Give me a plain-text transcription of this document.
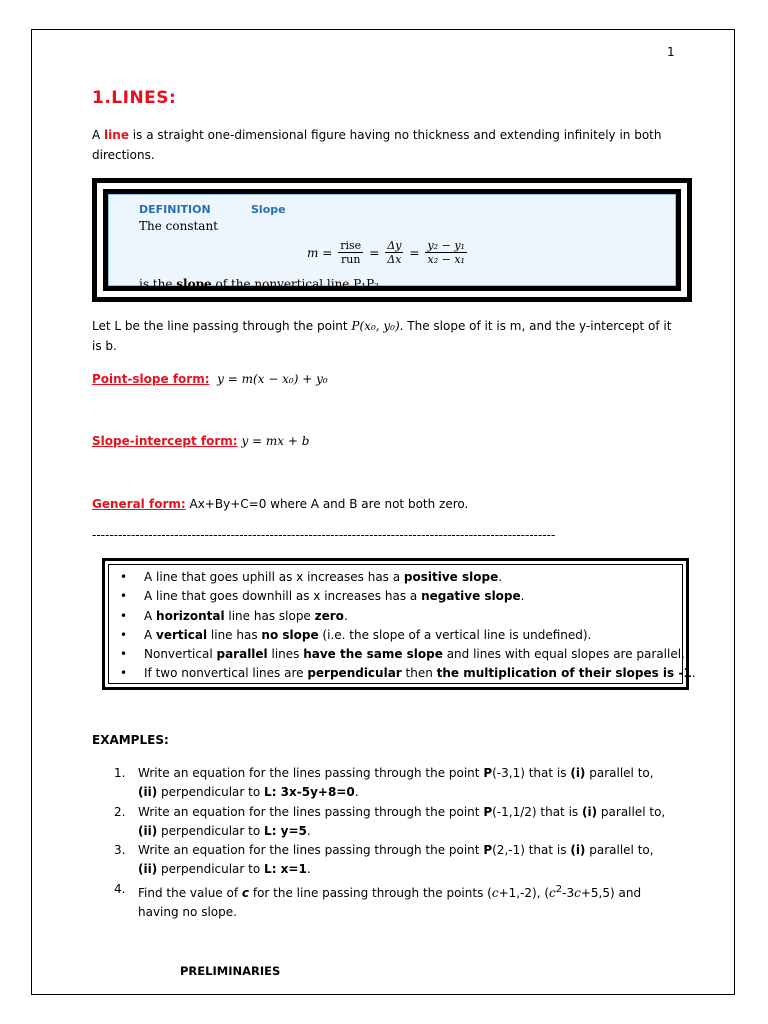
1
1.LINES:
A line is a straight one-dimensional figure having no thickness and extending infinitely in both directions.
DEFINITION	Slope
The constant
$m = \frac{\text{rise}}{\text{run}} = \frac{\Delta y}{\Delta x} = \frac{\text{y₂ − y₁}}{\text{x₂ − x₁}}$
is the slope of the nonvertical line P₁P₂.
Let L be the line passing through the point P(x₀, y₀). The slope of it is m, and the y-intercept of it is b.
Point-slope form: y = m(x − x₀) + y₀
Slope-intercept form: y = mx + b
General form: Ax+By+C=0 where A and B are not both zero.
-----------------------------------------------------------------------------------------------------------
• A line that goes uphill as x increases has a positive slope.
• A line that goes downhill as x increases has a negative slope.
• A horizontal line has slope zero.
• A vertical line has no slope (i.e. the slope of a vertical line is undefined).
• Nonvertical parallel lines have the same slope and lines with equal slopes are parallel.
• If two nonvertical lines are perpendicular then the multiplication of their slopes is -1.
EXAMPLES:
1. Write an equation for the lines passing through the point P(-3,1) that is (i) parallel to, (ii) perpendicular to L: 3x-5y+8=0.
2. Write an equation for the lines passing through the point P(-1,1/2) that is (i) parallel to, (ii) perpendicular to L: y=5.
3. Write an equation for the lines passing through the point P(2,-1) that is (i) parallel to, (ii) perpendicular to L: x=1.
4. Find the value of c for the line passing through the points (c+1,-2), $(c^2-3c+5,5)$ and having no slope.
PRELIMINARIES
